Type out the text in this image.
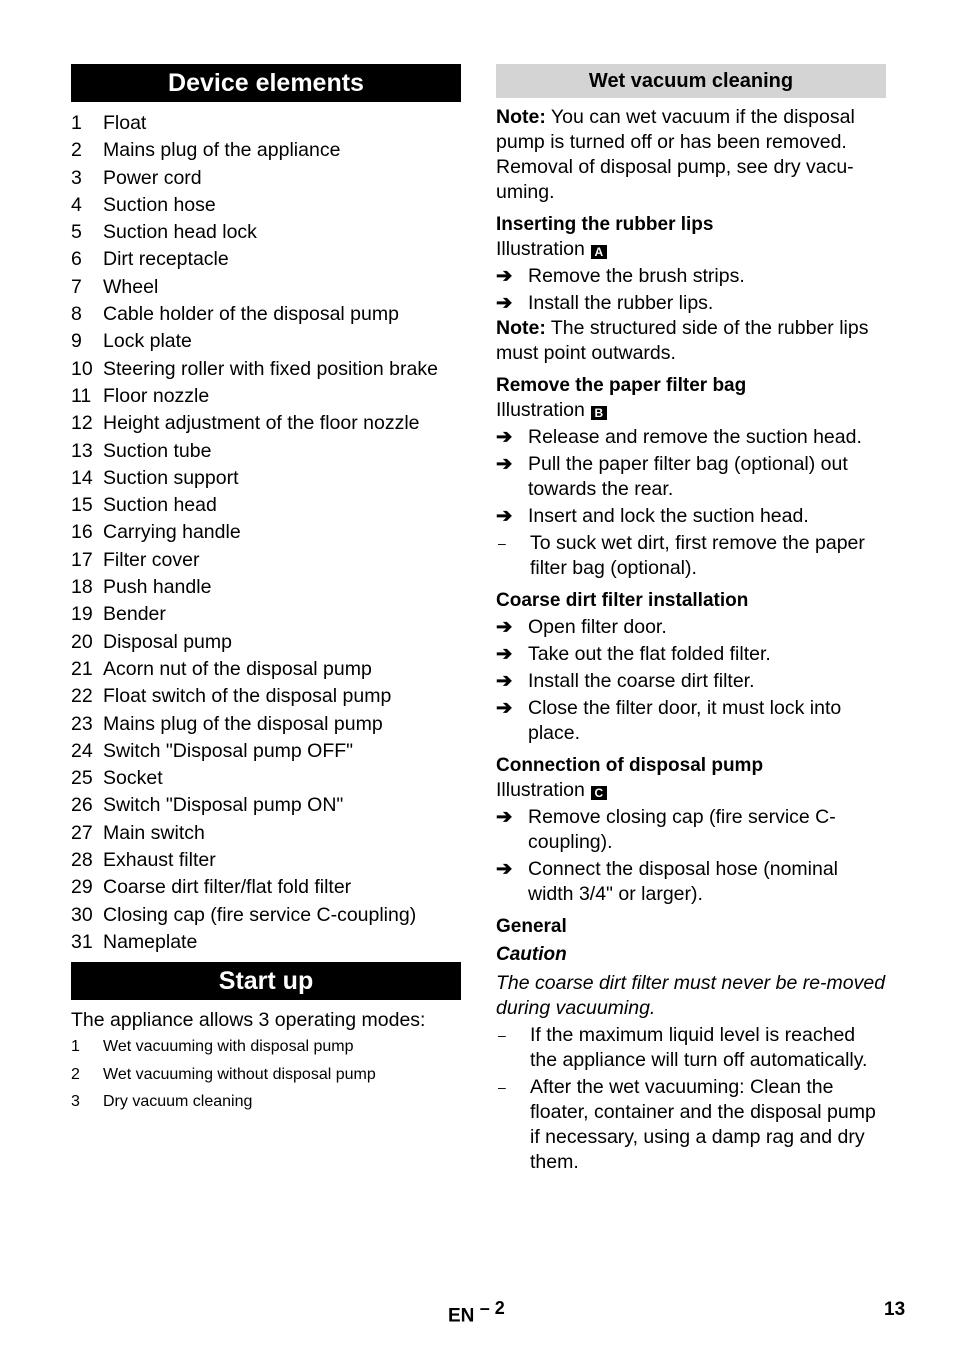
Device elements
1	Float
2	Mains plug of the appliance
3	Power cord
4	Suction hose
5	Suction head lock
6	Dirt receptacle
7	Wheel
8	Cable holder of the disposal pump
9	Lock plate
10 Steering roller with fixed position brake
11 Floor nozzle
12 Height adjustment of the floor nozzle
13 Suction tube
14 Suction support
15 Suction head
16 Carrying handle
17 Filter cover
18 Push handle
19 Bender
20 Disposal pump
21 Acorn nut of the disposal pump
22 Float switch of the disposal pump
23 Mains plug of the disposal pump
24 Switch "Disposal pump OFF"
25 Socket
26 Switch "Disposal pump ON"
27 Main switch
28 Exhaust filter
29 Coarse dirt filter/flat fold filter
30 Closing cap (fire service C-coupling)
31 Nameplate
Start up
The appliance allows 3 operating modes:
1	Wet vacuuming with disposal pump
2	Wet vacuuming without disposal pump
3	Dry vacuum cleaning
Wet vacuum cleaning
Note: You can wet vacuum if the disposal pump is turned off or has been removed. Removal of disposal pump, see dry vacu-uming.
Inserting the rubber lips
Illustration A
➔ Remove the brush strips.
➔ Install the rubber lips.
Note: The structured side of the rubber lips must point outwards.
Remove the paper filter bag
Illustration B
➔ Release and remove the suction head.
➔ Pull the paper filter bag (optional) out towards the rear.
➔ Insert and lock the suction head.
–	To suck wet dirt, first remove the paper filter bag (optional).
Coarse dirt filter installation
➔ Open filter door.
➔ Take out the flat folded filter.
➔ Install the coarse dirt filter.
➔ Close the filter door, it must lock into place.
Connection of disposal pump
Illustration C
➔ Remove closing cap (fire service C-coupling).
➔ Connect the disposal hose (nominal width 3/4" or larger).
General
Caution
The coarse dirt filter must never be re-moved during vacuuming.
–	If the maximum liquid level is reached the appliance will turn off automatically.
–	After the wet vacuuming: Clean the floater, container and the disposal pump if necessary, using a damp rag and dry them.
EN $^{- 2}$	13
